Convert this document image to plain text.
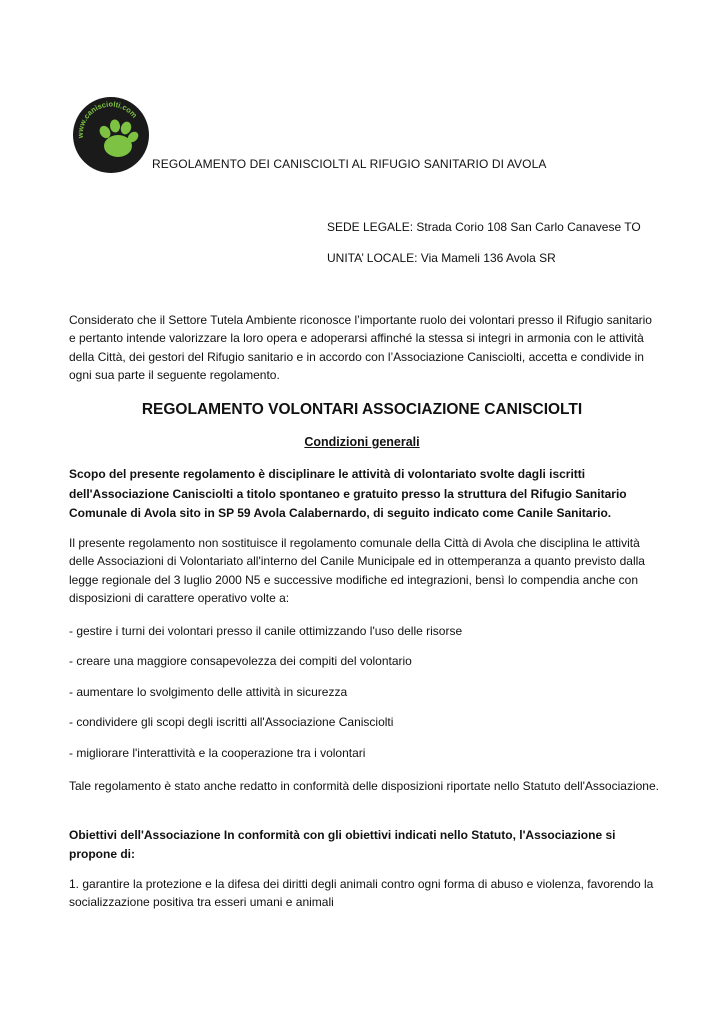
www.canisciolti.com
REGOLAMENTO DEI CANISCIOLTI AL RIFUGIO SANITARIO DI AVOLA
SEDE LEGALE: Strada Corio 108 San Carlo Canavese TO
UNITA’ LOCALE: Via Mameli 136 Avola SR
Considerato che il Settore Tutela Ambiente riconosce l’importante ruolo dei volontari presso il Rifugio sanitario e pertanto intende valorizzare la loro opera e adoperarsi affinché la stessa si integri in armonia con le attività della Città, dei gestori del Rifugio sanitario e in accordo con l’Associazione Canisciolti, accetta e condivide in ogni sua parte il seguente regolamento.
REGOLAMENTO VOLONTARI ASSOCIAZIONE CANISCIOLTI
Condizioni generali
Scopo del presente regolamento è disciplinare le attività di volontariato svolte dagli iscritti dell'Associazione Canisciolti a titolo spontaneo e gratuito presso la struttura del Rifugio Sanitario Comunale di Avola sito in SP 59 Avola Calabernardo, di seguito indicato come Canile Sanitario.
Il presente regolamento non sostituisce il regolamento comunale della Città di Avola che disciplina le attività delle Associazioni di Volontariato all'interno del Canile Municipale ed in ottemperanza a quanto previsto dalla legge regionale del 3 luglio 2000 N5 e successive modifiche ed integrazioni, bensì lo compendia anche con disposizioni di carattere operativo volte a:
- gestire i turni dei volontari presso il canile ottimizzando l'uso delle risorse
- creare una maggiore consapevolezza dei compiti del volontario
- aumentare lo svolgimento delle attività in sicurezza
- condividere gli scopi degli iscritti all'Associazione Canisciolti
- migliorare l'interattività e la cooperazione tra i volontari
Tale regolamento è stato anche redatto in conformità delle disposizioni riportate nello Statuto dell'Associazione.
Obiettivi dell'Associazione In conformità con gli obiettivi indicati nello Statuto, l'Associazione si propone di:
1. garantire la protezione e la difesa dei diritti degli animali contro ogni forma di abuso e violenza, favorendo la socializzazione positiva tra esseri umani e animali
